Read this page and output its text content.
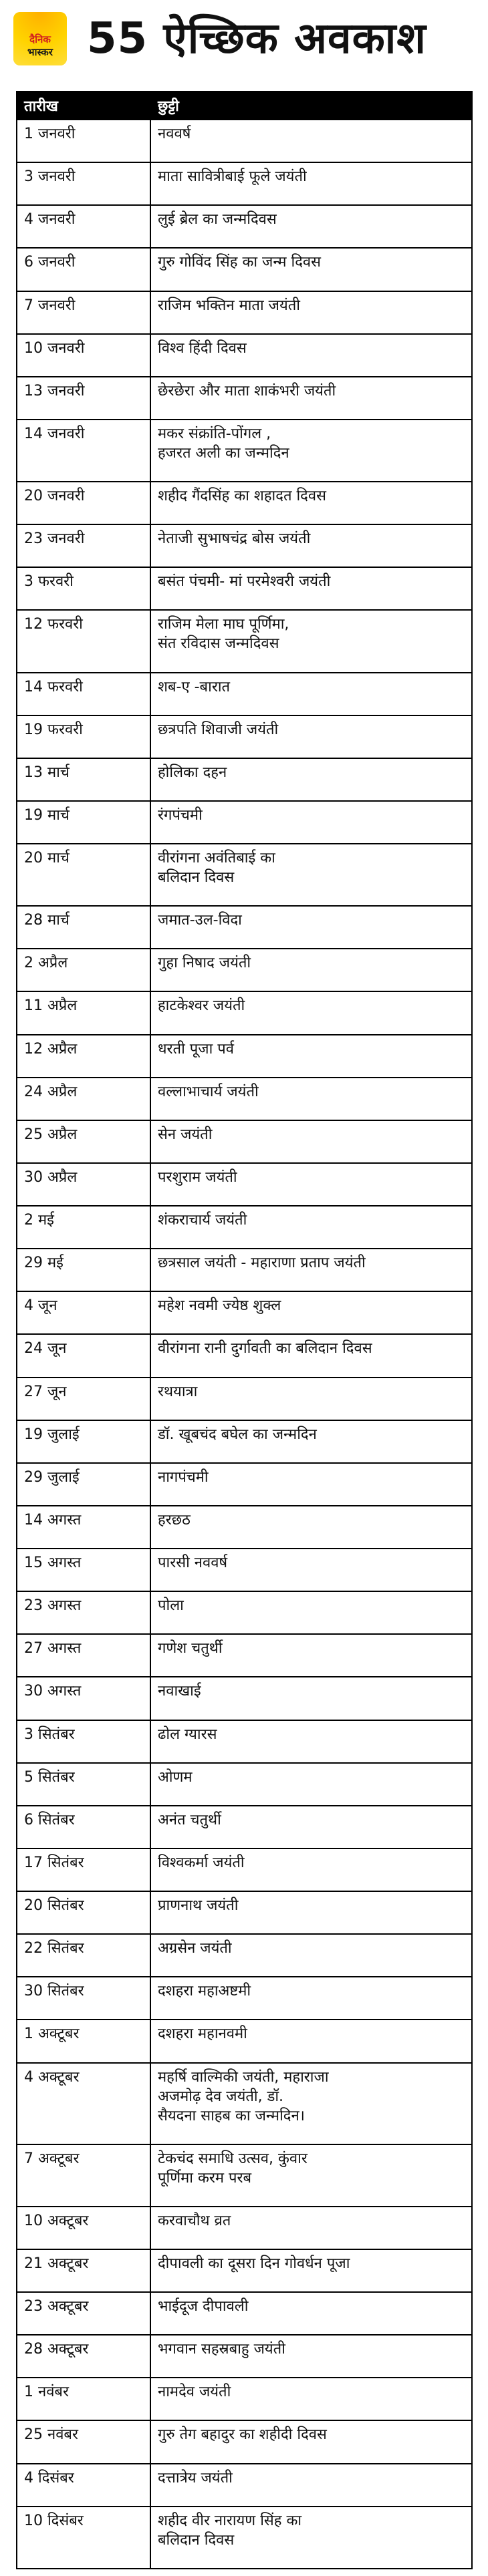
दैनिक
भास्कर 55 ऐच्छिक अवकाश
तारीख	छुट्टी
1 जनवरी	नववर्ष
3 जनवरी	माता सावित्रीबाई फूले जयंती
4 जनवरी	लुई ब्रेल का जन्मदिवस
6 जनवरी	गुरु गोविंद सिंह का जन्म दिवस
7 जनवरी	राजिम भक्तिन माता जयंती
10 जनवरी	विश्व हिंदी दिवस
13 जनवरी	छेरछेरा और माता शाकंभरी जयंती
14 जनवरी	मकर संक्रांति-पोंगल ,
हजरत अली का जन्मदिन
20 जनवरी	शहीद गैंदसिंह का शहादत दिवस
23 जनवरी	नेताजी सुभाषचंद्र बोस जयंती
3 फरवरी	बसंत पंचमी- मां परमेश्वरी जयंती
12 फरवरी	राजिम मेला माघ पूर्णिमा,
संत रविदास जन्मदिवस
14 फरवरी	शब-ए -बारात
19 फरवरी	छत्रपति शिवाजी जयंती
13 मार्च	होलिका दहन
19 मार्च	रंगपंचमी
20 मार्च	वीरांगना अवंतिबाई का
बलिदान दिवस
28 मार्च	जमात-उल-विदा
2 अप्रैल	गुहा निषाद जयंती
11 अप्रैल	हाटकेश्वर जयंती
12 अप्रैल	धरती पूजा पर्व
24 अप्रैल	वल्लाभाचार्य जयंती
25 अप्रैल	सेन जयंती
30 अप्रैल	परशुराम जयंती
2 मई	शंकराचार्य जयंती
29 मई	छत्रसाल जयंती - महाराणा प्रताप जयंती
4 जून	महेश नवमी ज्येष्ठ शुक्ल
24 जून	वीरांगना रानी दुर्गावती का बलिदान दिवस
27 जून	रथयात्रा
19 जुलाई	डॉ. खूबचंद बघेल का जन्मदिन
29 जुलाई	नागपंचमी
14 अगस्त	हरछठ
15 अगस्त	पारसी नववर्ष
23 अगस्त	पोला
27 अगस्त	गणेश चतुर्थी
30 अगस्त	नवाखाई
3 सितंबर	ढोल ग्यारस
5 सितंबर	ओणम
6 सितंबर	अनंत चतुर्थी
17 सितंबर	विश्वकर्मा जयंती
20 सितंबर	प्राणनाथ जयंती
22 सितंबर	अग्रसेन जयंती
30 सितंबर	दशहरा महाअष्टमी
1 अक्टूबर	दशहरा महानवमी
4 अक्टूबर	महर्षि वाल्मिकी जयंती, महाराजा
अजमोढ़ देव जयंती, डॉ.
सैयदना साहब का जन्मदिन।
7 अक्टूबर	टेकचंद समाधि उत्सव, कुंवार
पूर्णिमा करम परब
10 अक्टूबर	करवाचौथ व्रत
21 अक्टूबर	दीपावली का दूसरा दिन गोवर्धन पूजा
23 अक्टूबर	भाईदूज दीपावली
28 अक्टूबर	भगवान सहस्रबाहु जयंती
1 नवंबर	नामदेव जयंती
25 नवंबर	गुरु तेग बहादुर का शहीदी दिवस
4 दिसंबर	दत्तात्रेय जयंती
10 दिसंबर	शहीद वीर नारायण सिंह का
बलिदान दिवस
